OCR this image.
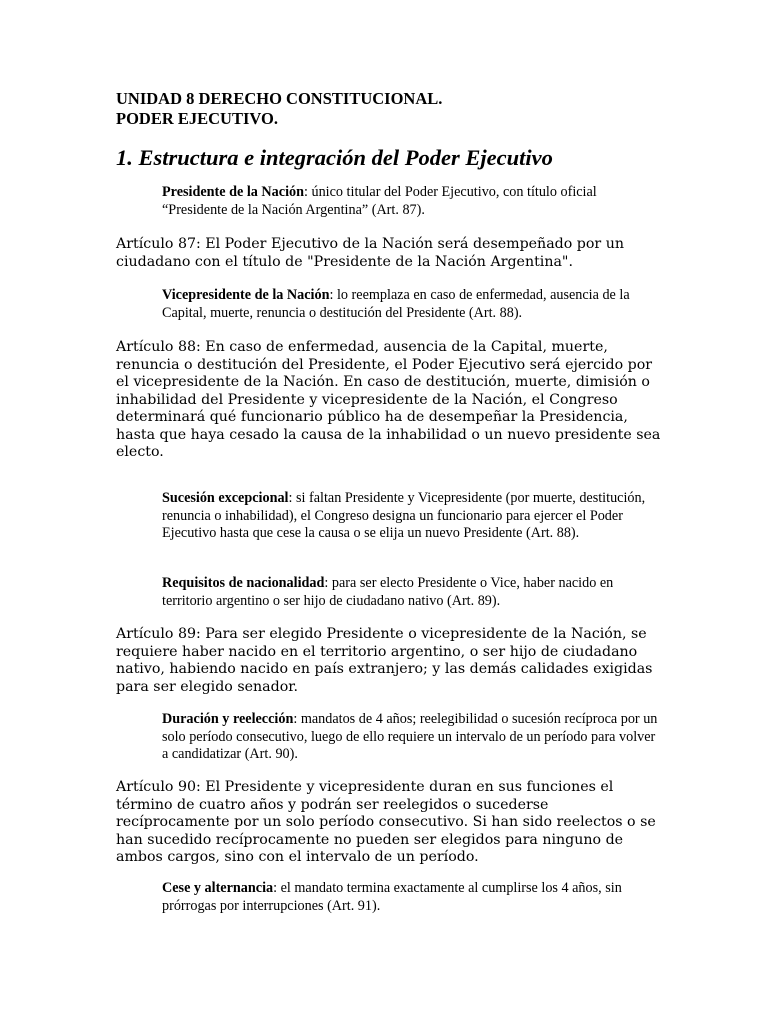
UNIDAD 8 DERECHO CONSTITUCIONAL.
PODER EJECUTIVO.
1. Estructura e integración del Poder Ejecutivo
Presidente de la Nación: único titular del Poder Ejecutivo, con título oficial “Presidente de la Nación Argentina” (Art. 87).
Artículo 87: El Poder Ejecutivo de la Nación será desempeñado por un ciudadano con el título de "Presidente de la Nación Argentina".
Vicepresidente de la Nación: lo reemplaza en caso de enfermedad, ausencia de la Capital, muerte, renuncia o destitución del Presidente (Art. 88).
Artículo 88: En caso de enfermedad, ausencia de la Capital, muerte, renuncia o destitución del Presidente, el Poder Ejecutivo será ejercido por el vicepresidente de la Nación. En caso de destitución, muerte, dimisión o inhabilidad del Presidente y vicepresidente de la Nación, el Congreso determinará qué funcionario público ha de desempeñar la Presidencia, hasta que haya cesado la causa de la inhabilidad o un nuevo presidente sea electo.
Sucesión excepcional: si faltan Presidente y Vicepresidente (por muerte, destitución, renuncia o inhabilidad), el Congreso designa un funcionario para ejercer el Poder Ejecutivo hasta que cese la causa o se elija un nuevo Presidente (Art. 88).
Requisitos de nacionalidad: para ser electo Presidente o Vice, haber nacido en territorio argentino o ser hijo de ciudadano nativo (Art. 89).
Artículo 89: Para ser elegido Presidente o vicepresidente de la Nación, se requiere haber nacido en el territorio argentino, o ser hijo de ciudadano nativo, habiendo nacido en país extranjero; y las demás calidades exigidas para ser elegido senador.
Duración y reelección: mandatos de 4 años; reelegibilidad o sucesión recíproca por un solo período consecutivo, luego de ello requiere un intervalo de un período para volver a candidatizar (Art. 90).
Artículo 90: El Presidente y vicepresidente duran en sus funciones el término de cuatro años y podrán ser reelegidos o sucederse recíprocamente por un solo período consecutivo. Si han sido reelectos o se han sucedido recíprocamente no pueden ser elegidos para ninguno de ambos cargos, sino con el intervalo de un período.
Cese y alternancia: el mandato termina exactamente al cumplirse los 4 años, sin prórrogas por interrupciones (Art. 91).
